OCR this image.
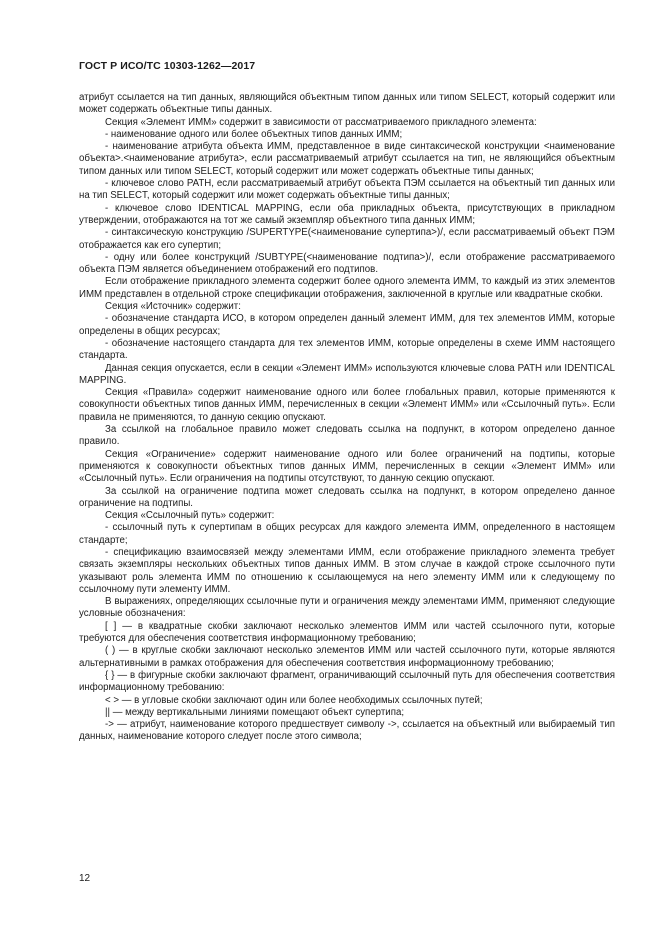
ГОСТ Р ИСО/ТС 10303-1262—2017

атрибут ссылается на тип данных, являющийся объектным типом данных или типом SELECT, который содержит или может содержать объектные типы данных.

Секция «Элемент ИММ» содержит в зависимости от рассматриваемого прикладного элемента:

- наименование одного или более объектных типов данных ИММ;

- наименование атрибута объекта ИММ, представленное в виде синтаксической конструкции <наименование объекта>.<наименование атрибута>, если рассматриваемый атрибут ссылается на тип, не являющийся объектным типом данных или типом SELECT, который содержит или может содержать объектные типы данных;

- ключевое слово PATH, если рассматриваемый атрибут объекта ПЭМ ссылается на объектный тип данных или на тип SELECT, который содержит или может содержать объектные типы данных;

- ключевое слово IDENTICAL MAPPING, если оба прикладных объекта, присутствующих в прикладном утверждении, отображаются на тот же самый экземпляр объектного типа данных ИММ;

- синтаксическую конструкцию /SUPERTYPE(<наименование супертипа>)/, если рассматриваемый объект ПЭМ отображается как его супертип;

- одну или более конструкций /SUBTYPE(<наименование подтипа>)/, если отображение рассматриваемого объекта ПЭМ является объединением отображений его подтипов.

Если отображение прикладного элемента содержит более одного элемента ИММ, то каждый из этих элементов ИММ представлен в отдельной строке спецификации отображения, заключенной в круглые или квадратные скобки.

Секция «Источник» содержит:

- обозначение стандарта ИСО, в котором определен данный элемент ИММ, для тех элементов ИММ, которые определены в общих ресурсах;

- обозначение настоящего стандарта для тех элементов ИММ, которые определены в схеме ИММ настоящего стандарта.

Данная секция опускается, если в секции «Элемент ИММ» используются ключевые слова PATH или IDENTICAL MAPPING.

Секция «Правила» содержит наименование одного или более глобальных правил, которые применяются к совокупности объектных типов данных ИММ, перечисленных в секции «Элемент ИММ» или «Ссылочный путь». Если правила не применяются, то данную секцию опускают.

За ссылкой на глобальное правило может следовать ссылка на подпункт, в котором определено данное правило.

Секция «Ограничение» содержит наименование одного или более ограничений на подтипы, которые применяются к совокупности объектных типов данных ИММ, перечисленных в секции «Элемент ИММ» или «Ссылочный путь». Если ограничения на подтипы отсутствуют, то данную секцию опускают.

За ссылкой на ограничение подтипа может следовать ссылка на подпункт, в котором определено данное ограничение на подтипы.

Секция «Ссылочный путь» содержит:

- ссылочный путь к супертипам в общих ресурсах для каждого элемента ИММ, определенного в настоящем стандарте;

- спецификацию взаимосвязей между элементами ИММ, если отображение прикладного элемента требует связать экземпляры нескольких объектных типов данных ИММ. В этом случае в каждой строке ссылочного пути указывают роль элемента ИММ по отношению к ссылающемуся на него элементу ИММ или к следующему по ссылочному пути элементу ИММ.

В выражениях, определяющих ссылочные пути и ограничения между элементами ИММ, применяют следующие условные обозначения:

[ ] — в квадратные скобки заключают несколько элементов ИММ или частей ссылочного пути, которые требуются для обеспечения соответствия информационному требованию;

( ) — в круглые скобки заключают несколько элементов ИММ или частей ссылочного пути, которые являются альтернативными в рамках отображения для обеспечения соответствия информационному требованию;

{ } — в фигурные скобки заключают фрагмент, ограничивающий ссылочный путь для обеспечения соответствия информационному требованию:

< > — в угловые скобки заключают один или более необходимых ссылочных путей;

|| — между вертикальными линиями помещают объект супертипа;

-> — атрибут, наименование которого предшествует символу ->, ссылается на объектный или выбираемый тип данных, наименование которого следует после этого символа;

12
